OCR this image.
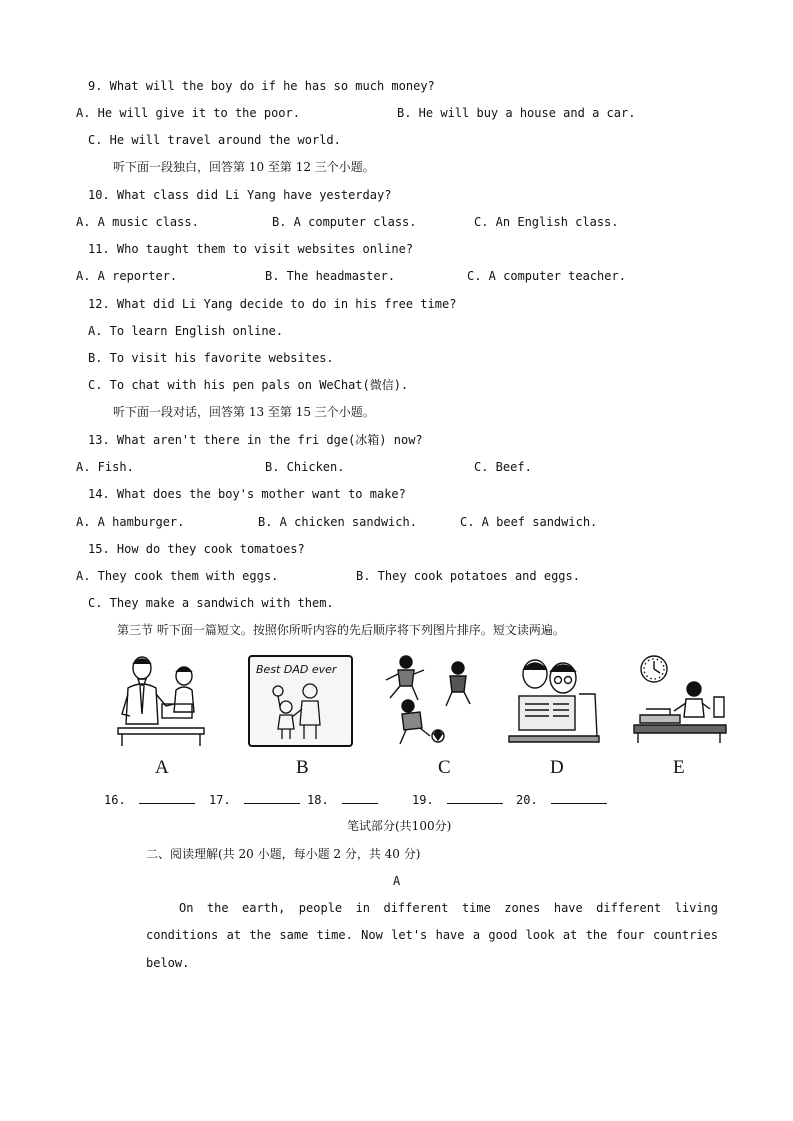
9. What will the boy do if he has so much money?
A. He will give it to the poor.	B. He will buy a house and a car.
C. He will travel around the world.
听下面一段独白，回答第 10 至第 12 三个小题。
10. What class did Li Yang have yesterday?
A. A music class.	B. A computer class.	C. An English class.
11. Who taught them to visit websites online?
A. A reporter.	B. The headmaster.	C. A computer teacher.
12. What did Li Yang decide to do in his free time?
A. To learn English online.
B. To visit his favorite websites.
C. To chat with his pen pals on WeChat(微信).
听下面一段对话，回答第 13 至第 15 三个小题。
13. What aren't there in the fri dge(冰箱) now?
A. Fish.	B. Chicken.	C. Beef.
14. What does the boy's mother want to make?
A. A hamburger.	B. A chicken sandwich.	C. A beef sandwich.
15. How do they cook tomatoes?
A. They cook them with eggs.	B. They cook potatoes and eggs.
C. They make a sandwich with them.
第三节 听下面一篇短文。按照你所听内容的先后顺序将下列图片排序。短文读两遍。
Best DAD ever
A	B	C	D	E
16.	17.	18.	19.	20.
笔试部分(共100分)
二、阅读理解(共 20 小题，每小题 2 分，共 40 分)
A
On the earth, people in different time zones have different living
conditions at the same time. Now let's have a good look at the four countries
below.
